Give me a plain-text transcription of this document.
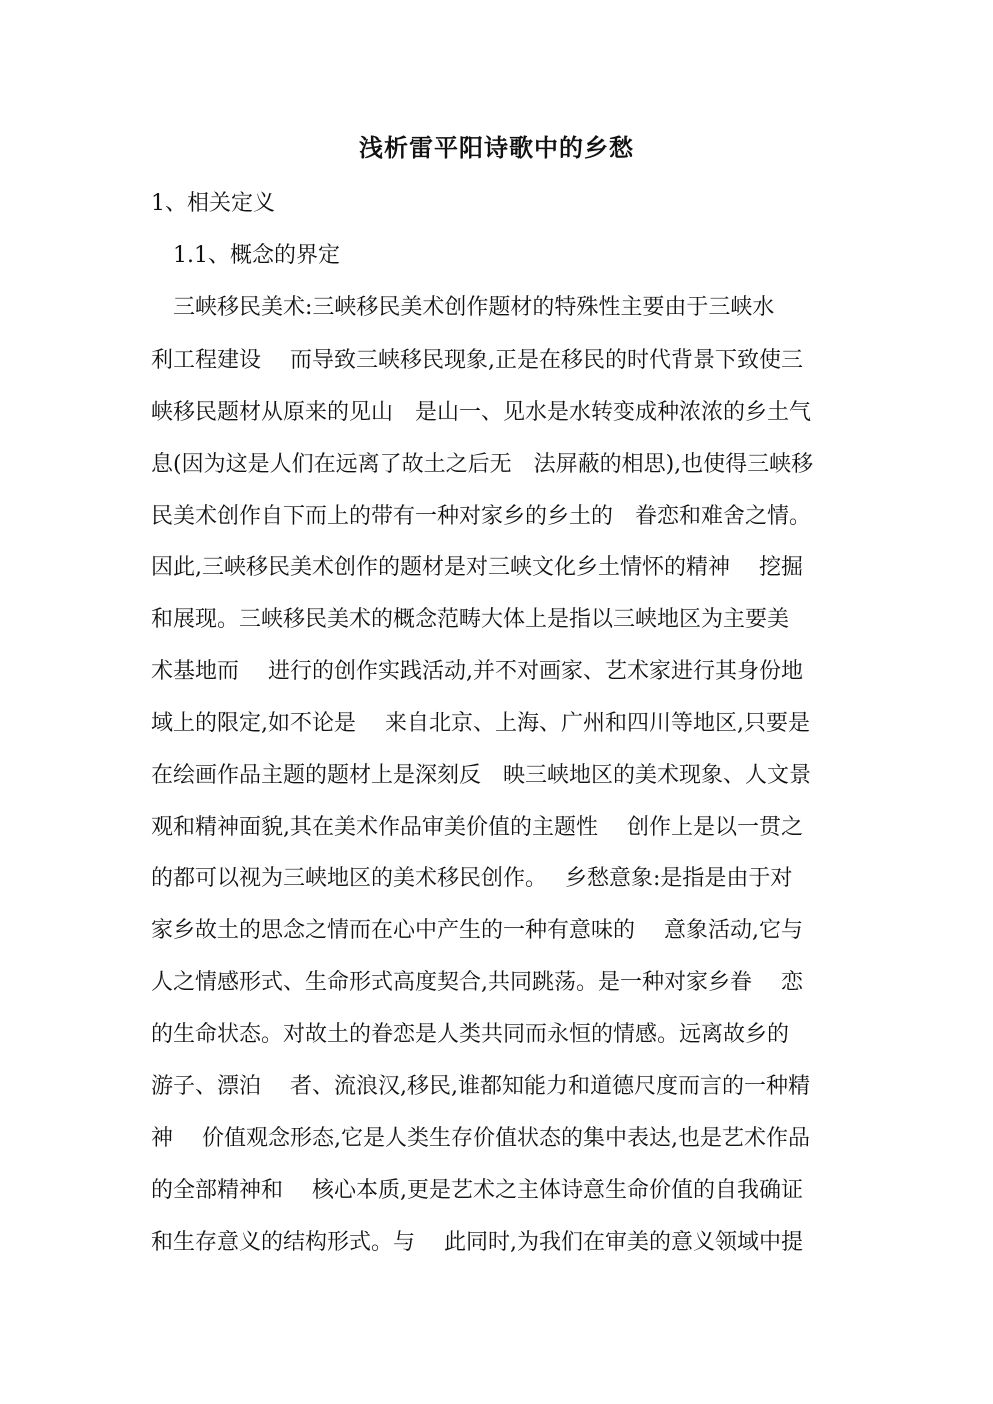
浅析雷平阳诗歌中的乡愁
1、相关定义
1.1、概念的界定
　三峡移民美术:三峡移民美术创作题材的特殊性主要由于三峡水
利工程建设　 而导致三峡移民现象,正是在移民的时代背景下致使三
峡移民题材从原来的见山　是山一、见水是水转变成种浓浓的乡土气
息(因为这是人们在远离了故土之后无　法屏蔽的相思),也使得三峡移
民美术创作自下而上的带有一种对家乡的乡土的　眷恋和难舍之情。
因此,三峡移民美术创作的题材是对三峡文化乡土情怀的精神　 挖掘
和展现。三峡移民美术的概念范畴大体上是指以三峡地区为主要美
术基地而　 进行的创作实践活动,并不对画家、艺术家进行其身份地
域上的限定,如不论是　 来自北京、上海、广州和四川等地区,只要是
在绘画作品主题的题材上是深刻反　映三峡地区的美术现象、人文景
观和精神面貌,其在美术作品审美价值的主题性　 创作上是以一贯之
的都可以视为三峡地区的美术移民创作。　 乡愁意象:是指是由于对
家乡故土的思念之情而在心中产生的一种有意味的　 意象活动,它与
人之情感形式、生命形式高度契合,共同跳荡。是一种对家乡眷　 恋
的生命状态。对故土的眷恋是人类共同而永恒的情感。远离故乡的
游子、漂泊　 者、流浪汉,移民,谁都知能力和道德尺度而言的一种精
神　 价值观念形态,它是人类生存价值状态的集中表达,也是艺术作品
的全部精神和　 核心本质,更是艺术之主体诗意生命价值的自我确证
和生存意义的结构形式。与　 此同时,为我们在审美的意义领域中提
